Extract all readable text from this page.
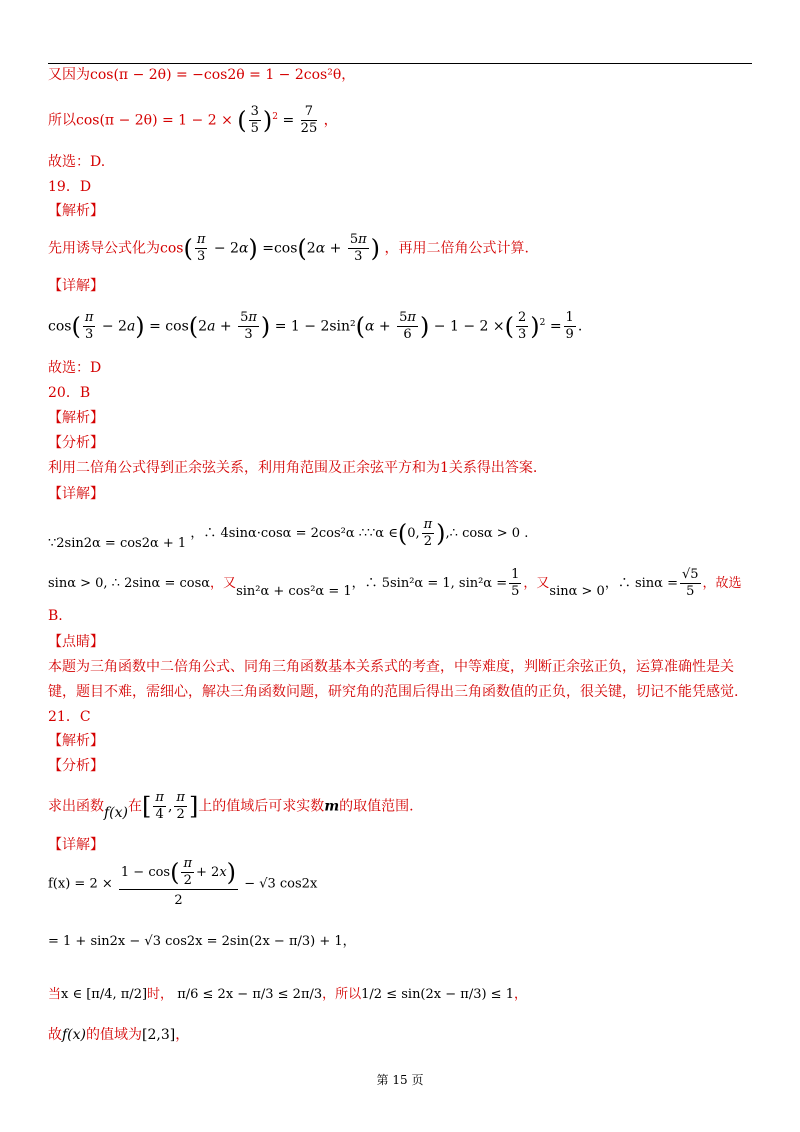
又因为cos(π − 2θ) = −cos2θ = 1 − 2cos²θ，
所以cos(π − 2θ) = 1 − 2 × ( $\frac{3}{5} )^2 = \frac{7}{25}$ ，
故选：D.
19．D
【解析】
先用诱导公式化为$\cos( \frac{\pi}{3} - 2\alpha) =\cos(2\alpha + \frac{5\pi}{3}$ ) ，再用二倍角公式计算.
【详解】
$\cos( \frac{\pi}{3} - 2a) = \cos(2a + \frac{5\pi}{3}$ ) = $1 - 2\sin^2(\alpha + \frac{5\pi}{6}$ ) − 1 − 2 ×( $\frac{2}{3} )^2 = \frac{1}{9}$ .
故选：D
20．B
【解析】
【分析】
利用二倍角公式得到正余弦关系，利用角范围及正余弦平方和为1关系得出答案.
【详解】
∵2sin2α = cos2α + 1 ，∴ 4sinα·cosα = 2cos²α ∴∵α ∈(0, $\frac{\pi}{2}$ ),∴ cosα > 0 .
sinα > 0, ∴ 2sinα = cosα，又sin²α + cos²α = 1，∴ 5sin²α = 1, $\sin^2\alpha = \frac{1}{5}$ ，又sinα > 0，∴ $\sin\alpha = \frac{√5}{5}$ ，故选
B.
【点睛】
本题为三角函数中二倍角公式、同角三角函数基本关系式的考查，中等难度，判断正余弦正负，运算准确性是关
键，题目不难，需细心，解决三角函数问题，研究角的范围后得出三角函数值的正负，很关键，切记不能凭感觉.
21．C
【解析】
【分析】
求出函数f(x)在[ $\frac{\pi}{4}$ , $\frac{\pi}{2}$ ]上的值域后可求实数m的取值范围.
【详解】
$f(x) = 2 \times \frac{1 - \cos( \frac{\pi}{2} + 2x)}{2} - √3$ cos2x
= 1 + sin2x − √3 cos2x = 2sin(2x − π/3) + 1，
当x ∈ [π/4, π/2]时， π/6 ≤ 2x − π/3 ≤ 2π/3，所以1/2 ≤ sin(2x − π/3) ≤ 1，
故f(x)的值域为[2,3]，
第 15 页
